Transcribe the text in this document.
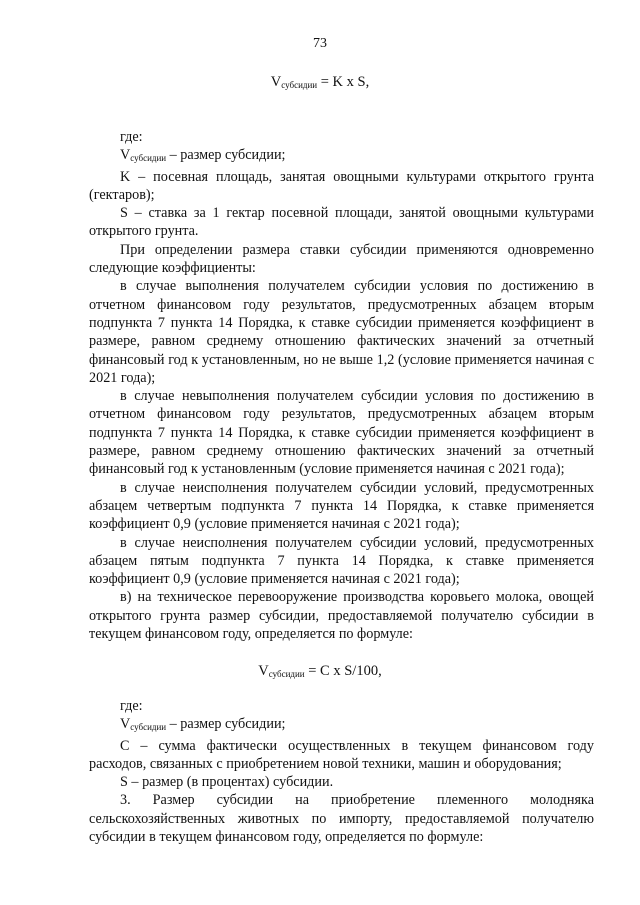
73
$V_{субсидии} = K$ x S,

где:

Vсубсидии – размер субсидии;

K – посевная площадь, занятая овощными культурами открытого грунта (гектаров);

S – ставка за 1 гектар посевной площади, занятой овощными культурами открытого грунта.

При определении размера ставки субсидии применяются одновременно следующие коэффициенты:

в случае выполнения получателем субсидии условия по достижению в отчетном финансовом году результатов, предусмотренных абзацем вторым подпункта 7 пункта 14 Порядка, к ставке субсидии применяется коэффициент в размере, равном среднему отношению фактических значений за отчетный финансовый год к установленным, но не выше 1,2 (условие применяется начиная с 2021 года);

в случае невыполнения получателем субсидии условия по достижению в отчетном финансовом году результатов, предусмотренных абзацем вторым подпункта 7 пункта 14 Порядка, к ставке субсидии применяется коэффициент в размере, равном среднему отношению фактических значений за отчетный финансовый год к установленным (условие применяется начиная с 2021 года);

в случае неисполнения получателем субсидии условий, предусмотренных абзацем четвертым подпункта 7 пункта 14 Порядка, к ставке применяется коэффициент 0,9 (условие применяется начиная с 2021 года);

в случае неисполнения получателем субсидии условий, предусмотренных абзацем пятым подпункта 7 пункта 14 Порядка, к ставке применяется коэффициент 0,9 (условие применяется начиная с 2021 года);

в) на техническое перевооружение производства коровьего молока, овощей открытого грунта размер субсидии, предоставляемой получателю субсидии в текущем финансовом году, определяется по формуле:

$V_{субсидии} = C$ x S/100,

где:

Vсубсидии – размер субсидии;

C – сумма фактически осуществленных в текущем финансовом году расходов, связанных с приобретением новой техники, машин и оборудования;

S – размер (в процентах) субсидии.

3. Размер субсидии на приобретение племенного молодняка сельскохозяйственных животных по импорту, предоставляемой получателю субсидии в текущем финансовом году, определяется по формуле:
